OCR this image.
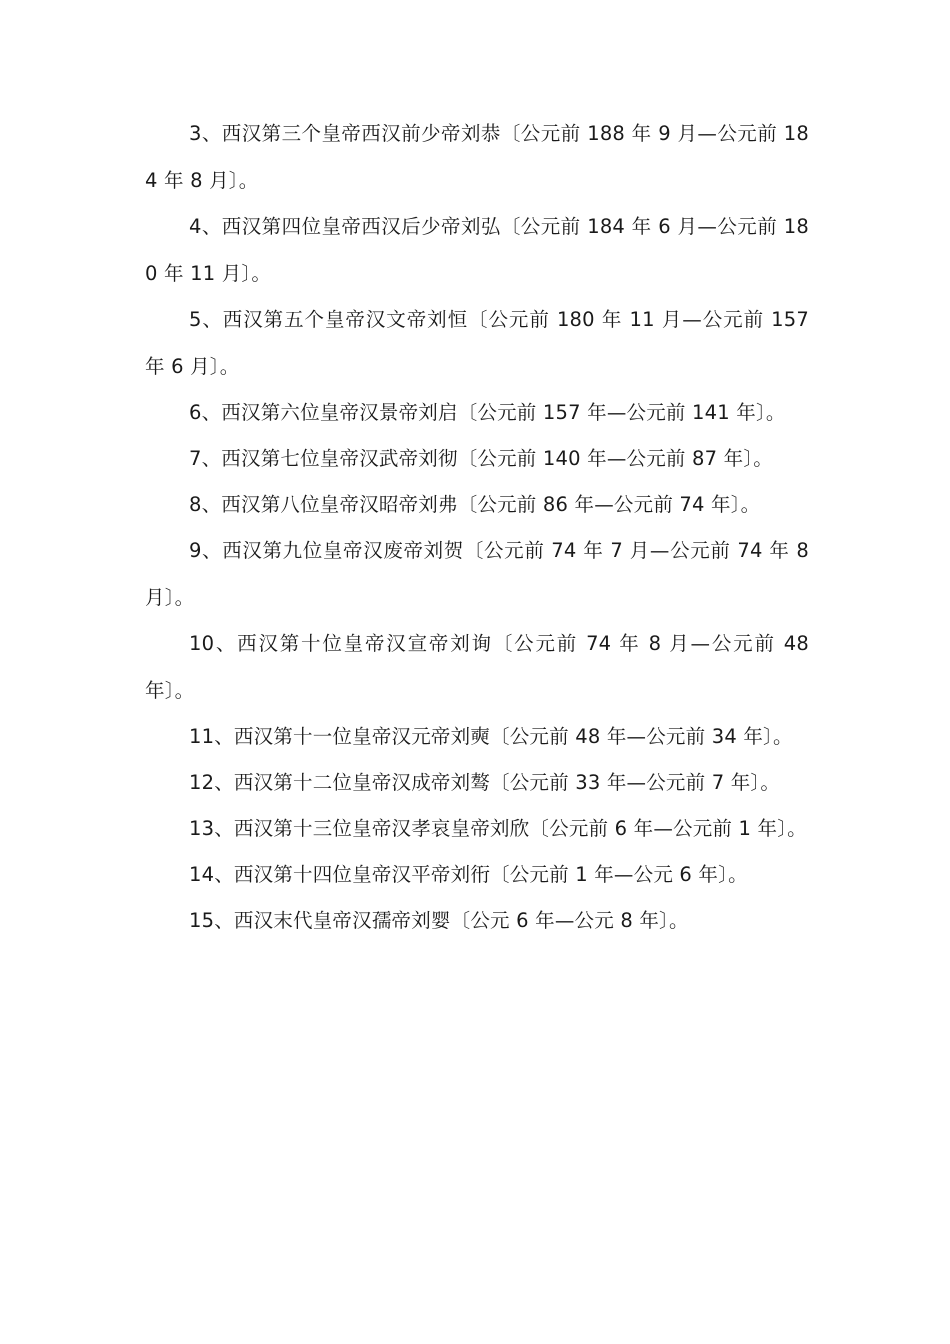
3、西汉第三个皇帝西汉前少帝刘恭〔公元前 188 年 9 月—公元前 184 年 8 月〕。

4、西汉第四位皇帝西汉后少帝刘弘〔公元前 184 年 6 月—公元前 180 年 11 月〕。

5、西汉第五个皇帝汉文帝刘恒〔公元前 180 年 11 月—公元前 157 年 6 月〕。

6、西汉第六位皇帝汉景帝刘启〔公元前 157 年—公元前 141 年〕。

7、西汉第七位皇帝汉武帝刘彻〔公元前 140 年—公元前 87 年〕。

8、西汉第八位皇帝汉昭帝刘弗〔公元前 86 年—公元前 74 年〕。

9、西汉第九位皇帝汉废帝刘贺〔公元前 74 年 7 月—公元前 74 年 8 月〕。

10、西汉第十位皇帝汉宣帝刘询〔公元前 74 年 8 月—公元前 48 年〕。

11、西汉第十一位皇帝汉元帝刘奭〔公元前 48 年—公元前 34 年〕。

12、西汉第十二位皇帝汉成帝刘骜〔公元前 33 年—公元前 7 年〕。

13、西汉第十三位皇帝汉孝哀皇帝刘欣〔公元前 6 年—公元前 1 年〕。

14、西汉第十四位皇帝汉平帝刘衎〔公元前 1 年—公元 6 年〕。

15、西汉末代皇帝汉孺帝刘婴〔公元 6 年—公元 8 年〕。
